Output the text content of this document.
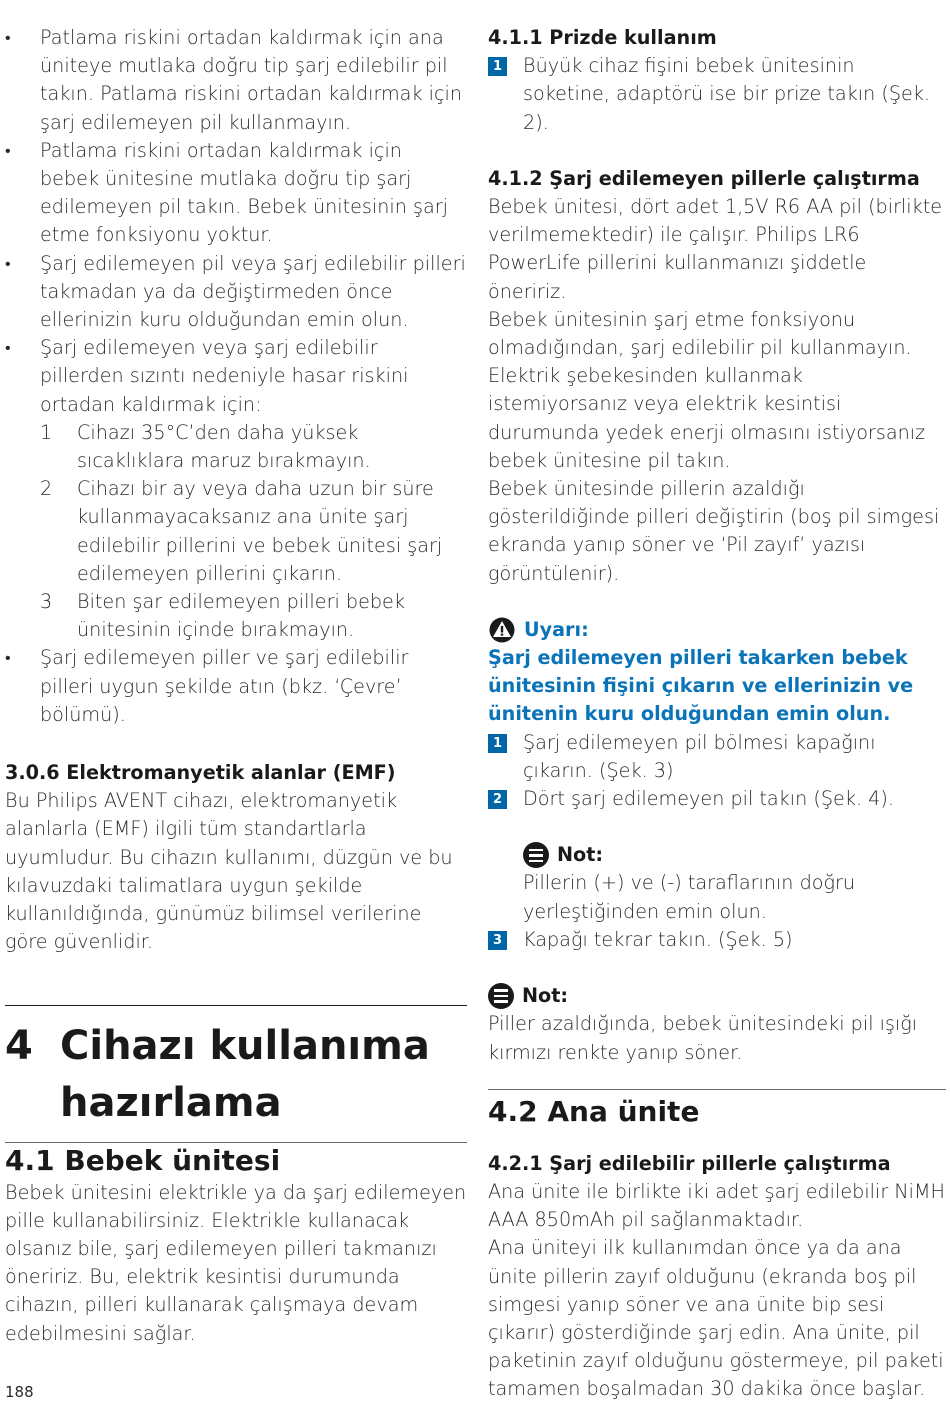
• Patlama riskini ortadan kaldırmak için ana üniteye mutlaka doğru tip şarj edilebilir pil takın. Patlama riskini ortadan kaldırmak için şarj edilemeyen pil kullanmayın.
• Patlama riskini ortadan kaldırmak için bebek ünitesine mutlaka doğru tip şarj edilemeyen pil takın. Bebek ünitesinin şarj etme fonksiyonu yoktur.
• Şarj edilemeyen pil veya şarj edilebilir pilleri takmadan ya da değiştirmeden önce ellerinizin kuru olduğundan emin olun.
• Şarj edilemeyen veya şarj edilebilir pillerden sızıntı nedeniyle hasar riskini ortadan kaldırmak için:
1 Cihazı 35°C’den daha yüksek sıcaklıklara maruz bırakmayın.
2 Cihazı bir ay veya daha uzun bir süre kullanmayacaksanız ana ünite şarj edilebilir pillerini ve bebek ünitesi şarj edilemeyen pillerini çıkarın.
3 Biten şar edilemeyen pilleri bebek ünitesinin içinde bırakmayın.
• Şarj edilemeyen piller ve şarj edilebilir pilleri uygun şekilde atın (bkz. ‘Çevre’ bölümü).

3.0.6 Elektromanyetik alanlar (EMF)

Bu Philips AVENT cihazı, elektromanyetik alanlarla (EMF) ilgili tüm standartlarla uyumludur. Bu cihazın kullanımı, düzgün ve bu kılavuzdaki talimatlara uygun şekilde kullanıldığında, günümüz bilimsel verilerine göre güvenlidir.

4 Cihazı kullanıma hazırlama
4.1 Bebek ünitesi

Bebek ünitesini elektrikle ya da şarj edilemeyen pille kullanabilirsiniz. Elektrikle kullanacak olsanız bile, şarj edilemeyen pilleri takmanızı öneririz. Bu, elektrik kesintisi durumunda cihazın, pilleri kullanarak çalışmaya devam edebilmesini sağlar.

4.1.1 Prizde kullanım

1 Büyük cihaz fişini bebek ünitesinin soketine, adaptörü ise bir prize takın (Şek. 2).

4.1.2 Şarj edilemeyen pillerle çalıştırma

Bebek ünitesi, dört adet 1,5V R6 AA pil (birlikte verilmemektedir) ile çalışır. Philips LR6 PowerLife pillerini kullanmanızı şiddetle öneririz.

Bebek ünitesinin şarj etme fonksiyonu olmadığından, şarj edilebilir pil kullanmayın.

Elektrik şebekesinden kullanmak istemiyorsanız veya elektrik kesintisi durumunda yedek enerji olmasını istiyorsanız bebek ünitesine pil takın.

Bebek ünitesinde pillerin azaldığı gösterildiğinde pilleri değiştirin (boş pil simgesi ekranda yanıp söner ve ‘Pil zayıf’ yazısı görüntülenir).

Uyarı:

Şarj edilemeyen pilleri takarken bebek ünitesinin fişini çıkarın ve ellerinizin ve ünitenin kuru olduğundan emin olun.

1 Şarj edilemeyen pil bölmesi kapağını çıkarın. (Şek. 3)

2 Dört şarj edilemeyen pil takın (Şek. 4).

Not:

Pillerin (+) ve (-) taraflarının doğru yerleştiğinden emin olun.

3 Kapağı tekrar takın. (Şek. 5)

Not:

Piller azaldığında, bebek ünitesindeki pil ışığı kırmızı renkte yanıp söner.

4.2 Ana ünite

4.2.1 Şarj edilebilir pillerle çalıştırma

Ana ünite ile birlikte iki adet şarj edilebilir NiMH AAA 850mAh pil sağlanmaktadır.

Ana üniteyi ilk kullanımdan önce ya da ana ünite pillerin zayıf olduğunu (ekranda boş pil simgesi yanıp söner ve ana ünite bip sesi çıkarır) gösterdiğinde şarj edin. Ana ünite, pil paketinin zayıf olduğunu göstermeye, pil paketi tamamen boşalmadan 30 dakika önce başlar.

188
